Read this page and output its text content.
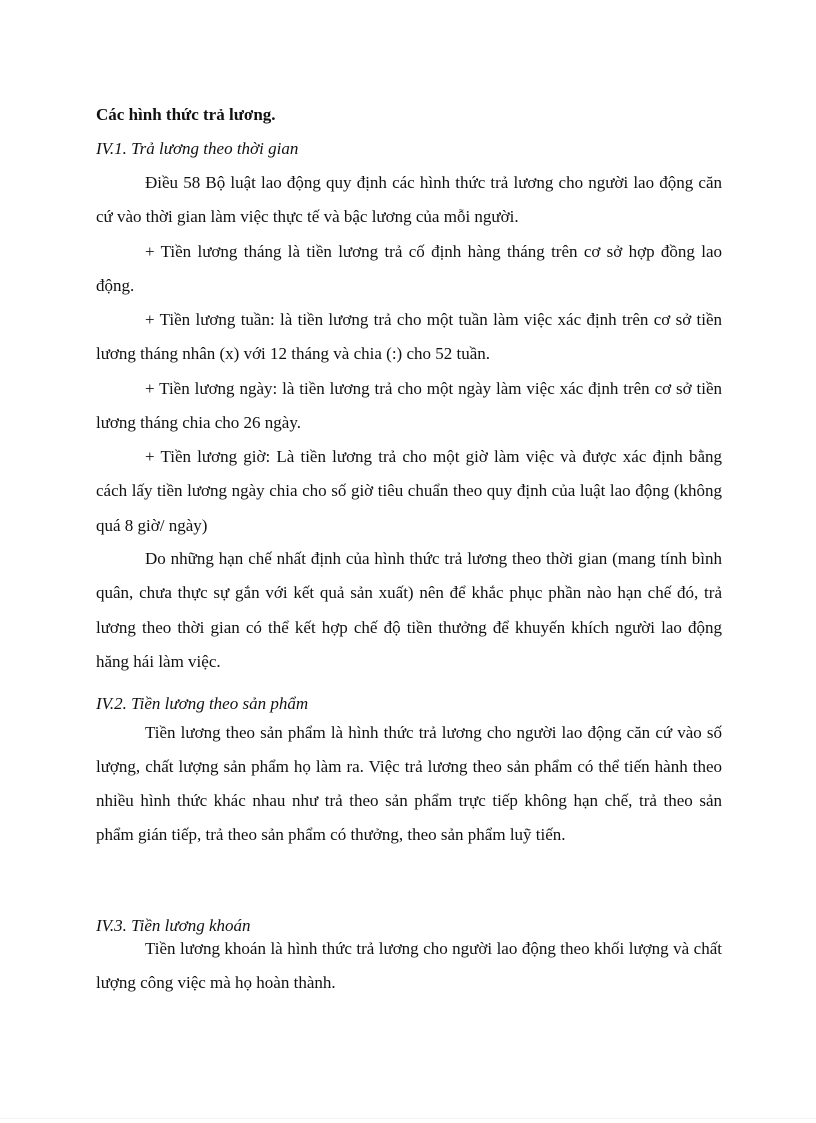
Các hình thức trả lương.
IV.1. Trả lương theo thời gian

Điều 58 Bộ luật lao động quy định các hình thức trả lương cho người lao động căn cứ vào thời gian làm việc thực tế và bậc lương của mỗi người.

+ Tiền lương tháng là tiền lương trả cố định hàng tháng trên cơ sở hợp đồng lao động.

+ Tiền lương tuần: là tiền lương trả cho một tuần làm việc xác định trên cơ sở tiền lương tháng nhân (x) với 12 tháng và chia (:) cho 52 tuần.

+ Tiền lương ngày: là tiền lương trả cho một ngày làm việc xác định trên cơ sở tiền lương tháng chia cho 26 ngày.

+ Tiền lương giờ: Là tiền lương trả cho một giờ làm việc và được xác định bằng cách lấy tiền lương ngày chia cho số giờ tiêu chuẩn theo quy định của luật lao động (không quá 8 giờ/ ngày)

Do những hạn chế nhất định của hình thức trả lương theo thời gian (mang tính bình quân, chưa thực sự gắn với kết quả sản xuất) nên để khắc phục phần nào hạn chế đó, trả lương theo thời gian có thể kết hợp chế độ tiền thưởng để khuyến khích người lao động hăng hái làm việc.

IV.2. Tiền lương theo sản phẩm

Tiền lương theo sản phẩm là hình thức trả lương cho người lao động căn cứ vào số lượng, chất lượng sản phẩm họ làm ra. Việc trả lương theo sản phẩm có thể tiến hành theo nhiều hình thức khác nhau như trả theo sản phẩm trực tiếp không hạn chế, trả theo sản phẩm gián tiếp, trả theo sản phẩm có thưởng, theo sản phẩm luỹ tiến.

IV.3. Tiền lương khoán

Tiền lương khoán là hình thức trả lương cho người lao động theo khối lượng và chất lượng công việc mà họ hoàn thành.
